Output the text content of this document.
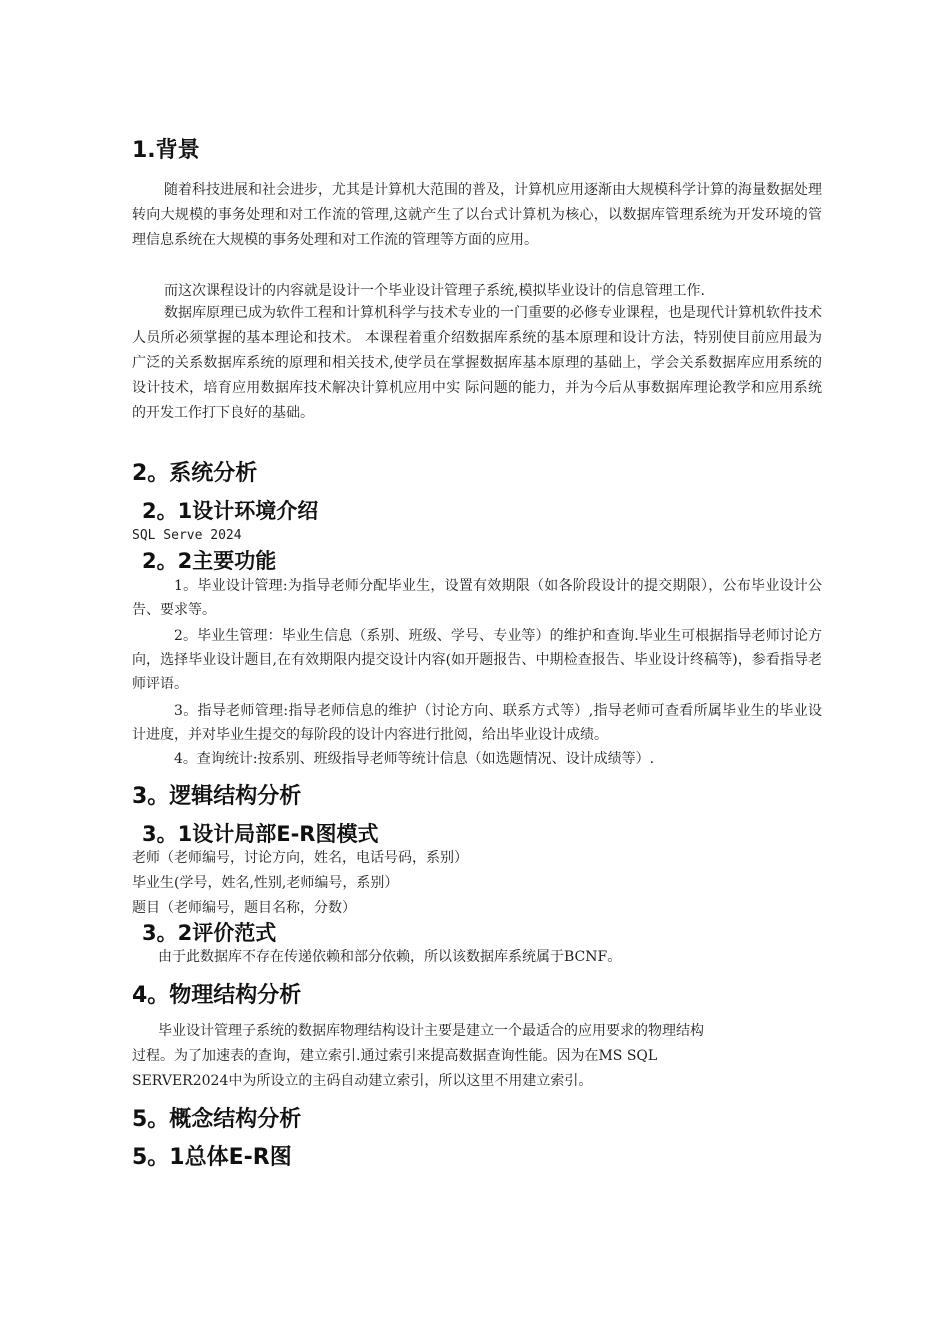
1.背景

随着科技进展和社会进步，尤其是计算机大范围的普及，计算机应用逐渐由大规模科学计算的海量数据处理转向大规模的事务处理和对工作流的管理,这就产生了以台式计算机为核心，以数据库管理系统为开发环境的管理信息系统在大规模的事务处理和对工作流的管理等方面的应用。

而这次课程设计的内容就是设计一个毕业设计管理子系统,模拟毕业设计的信息管理工作.

数据库原理已成为软件工程和计算机科学与技术专业的一门重要的必修专业课程，也是现代计算机软件技术人员所必须掌握的基本理论和技术。 本课程着重介绍数据库系统的基本原理和设计方法，特别使目前应用最为广泛的关系数据库系统的原理和相关技术,使学员在掌握数据库基本原理的基础上，学会关系数据库应用系统的设计技术，培育应用数据库技术解决计算机应用中实 际问题的能力，并为今后从事数据库理论教学和应用系统的开发工作打下良好的基础。

2。系统分析
2。1设计环境介绍
SQL Serve 2024
2。2主要功能

1。毕业设计管理:为指导老师分配毕业生，设置有效期限（如各阶段设计的提交期限），公布毕业设计公告、要求等。

2。毕业生管理：毕业生信息（系别、班级、学号、专业等）的维护和查询.毕业生可根据指导老师讨论方向，选择毕业设计题目,在有效期限内提交设计内容(如开题报告、中期检查报告、毕业设计终稿等)，参看指导老师评语。

3。指导老师管理:指导老师信息的维护（讨论方向、联系方式等）,指导老师可查看所属毕业生的毕业设计进度，并对毕业生提交的每阶段的设计内容进行批阅，给出毕业设计成绩。

4。查询统计:按系别、班级指导老师等统计信息（如选题情况、设计成绩等）.

3。逻辑结构分析
3。1设计局部E-R图模式
老师（老师编号，讨论方向，姓名，电话号码，系别）
毕业生(学号，姓名,性别,老师编号，系别）
题目（老师编号，题目名称，分数）
3。2评价范式
由于此数据库不存在传递依赖和部分依赖，所以该数据库系统属于BCNF。
4。物理结构分析
毕业设计管理子系统的数据库物理结构设计主要是建立一个最适合的应用要求的物理结构
过程。为了加速表的查询，建立索引.通过索引来提高数据查询性能。因为在MS SQL
SERVER2024中为所设立的主码自动建立索引，所以这里不用建立索引。
5。概念结构分析
5。1总体E-R图
